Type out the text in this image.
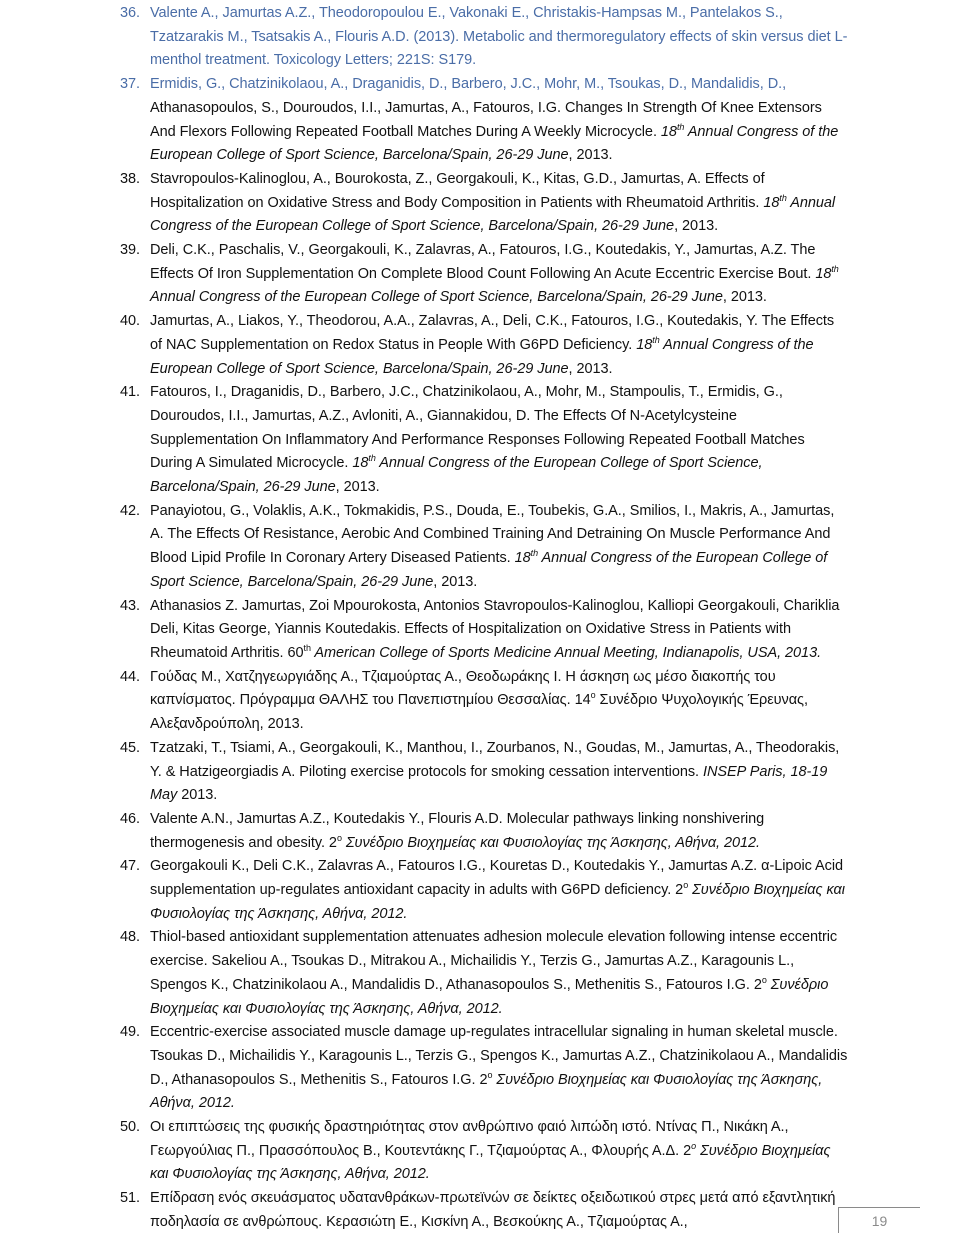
36. Valente A., Jamurtas A.Z., Theodoropoulou E., Vakonaki E., Christakis-Hampsas M., Pantelakos S., Tzatzarakis M., Tsatsakis A., Flouris A.D. (2013). Metabolic and thermoregulatory effects of skin versus diet L-menthol treatment. Toxicology Letters; 221S: S179.
37. Ermidis, G., Chatzinikolaou, A., Draganidis, D., Barbero, J.C., Mohr, M., Tsoukas, D., Mandalidis, D., Athanasopoulos, S., Douroudos, I.I., Jamurtas, A., Fatouros, I.G. Changes In Strength Of Knee Extensors And Flexors Following Repeated Football Matches During A Weekly Microcycle. 18th Annual Congress of the European College of Sport Science, Barcelona/Spain, 26-29 June, 2013.
38. Stavropoulos-Kalinoglou, A., Bourokosta, Z., Georgakouli, K., Kitas, G.D., Jamurtas, A. Effects of Hospitalization on Oxidative Stress and Body Composition in Patients with Rheumatoid Arthritis. 18th Annual Congress of the European College of Sport Science, Barcelona/Spain, 26-29 June, 2013.
39. Deli, C.K., Paschalis, V., Georgakouli, K., Zalavras, A., Fatouros, I.G., Koutedakis, Y., Jamurtas, A.Z. The Effects Of Iron Supplementation On Complete Blood Count Following An Acute Eccentric Exercise Bout. 18th Annual Congress of the European College of Sport Science, Barcelona/Spain, 26-29 June, 2013.
40. Jamurtas, A., Liakos, Y., Theodorou, A.A., Zalavras, A., Deli, C.K., Fatouros, I.G., Koutedakis, Y. The Effects of NAC Supplementation on Redox Status in People With G6PD Deficiency. 18th Annual Congress of the European College of Sport Science, Barcelona/Spain, 26-29 June, 2013.
41. Fatouros, I., Draganidis, D., Barbero, J.C., Chatzinikolaou, A., Mohr, M., Stampoulis, T., Ermidis, G., Douroudos, I.I., Jamurtas, A.Z., Avloniti, A., Giannakidou, D. The Effects Of N-Acetylcysteine Supplementation On Inflammatory And Performance Responses Following Repeated Football Matches During A Simulated Microcycle. 18th Annual Congress of the European College of Sport Science, Barcelona/Spain, 26-29 June, 2013.
42. Panayiotou, G., Volaklis, A.K., Tokmakidis, P.S., Douda, E., Toubekis, G.A., Smilios, I., Makris, A., Jamurtas, A. The Effects Of Resistance, Aerobic And Combined Training And Detraining On Muscle Performance And Blood Lipid Profile In Coronary Artery Diseased Patients. 18th Annual Congress of the European College of Sport Science, Barcelona/Spain, 26-29 June, 2013.
43. Athanasios Z. Jamurtas, Zoi Mpourokosta, Antonios Stavropoulos-Kalinoglou, Kalliopi Georgakouli, Chariklia Deli, Kitas George, Yiannis Koutedakis. Effects of Hospitalization on Oxidative Stress in Patients with Rheumatoid Arthritis. 60th American College of Sports Medicine Annual Meeting, Indianapolis, USA, 2013.
44. Γούδας Μ., Χατζηγεωργιάδης Α., Τζιαμούρτας Α., Θεοδωράκης Ι. Η άσκηση ως μέσο διακοπής του καπνίσματος. Πρόγραμμα ΘΑΛΗΣ του Πανεπιστημίου Θεσσαλίας. $14^o$ Συνέδριο Ψυχολογικής Έρευνας, Αλεξανδρούπολη, 2013.
45. Tzatzaki, T., Tsiami, A., Georgakouli, K., Manthou, I., Zourbanos, N., Goudas, M., Jamurtas, A., Theodorakis, Y. & Hatzigeorgiadis A. Piloting exercise protocols for smoking cessation interventions. INSEP Paris, 18-19 May 2013.
46. Valente A.N., Jamurtas A.Z., Koutedakis Y., Flouris A.D. Molecular pathways linking nonshivering thermogenesis and obesity. 2$^o$ Συνέδριο Βιοχημείας και Φυσιολογίας της Άσκησης, Αθήνα, 2012.
47. Georgakouli K., Deli C.K., Zalavras A., Fatouros I.G., Kouretas D., Koutedakis Y., Jamurtas A.Z. α-Lipoic Acid supplementation up-regulates antioxidant capacity in adults with G6PD deficiency. 2$^o$ Συνέδριο Βιοχημείας και Φυσιολογίας της Άσκησης, Αθήνα, 2012.
48. Thiol-based antioxidant supplementation attenuates adhesion molecule elevation following intense eccentric exercise. Sakeliou A., Tsoukas D., Mitrakou A., Michailidis Y., Terzis G., Jamurtas A.Z., Karagounis L., Spengos K., Chatzinikolaou A., Mandalidis D., Athanasopoulos S., Methenitis S., Fatouros I.G. 2$^o$ Συνέδριο Βιοχημείας και Φυσιολογίας της Άσκησης, Αθήνα, 2012.
49. Eccentric-exercise associated muscle damage up-regulates intracellular signaling in human skeletal muscle. Tsoukas D., Michailidis Y., Karagounis L., Terzis G., Spengos K., Jamurtas A.Z., Chatzinikolaou A., Mandalidis D., Athanasopoulos S., Methenitis S., Fatouros I.G. 2$^o$ Συνέδριο Βιοχημείας και Φυσιολογίας της Άσκησης, Αθήνα, 2012.
50. Οι επιπτώσεις της φυσικής δραστηριότητας στον ανθρώπινο φαιό λιπώδη ιστό. Ντίνας Π., Νικάκη Α., Γεωργούλιας Π., Πρασσόπουλος Β., Κουτεντάκης Γ., Τζιαμούρτας Α., Φλουρής Α.Δ. $2^o$ Συνέδριο Βιοχημείας και Φυσιολογίας της Άσκησης, Αθήνα, 2012.
51. Επίδραση ενός σκευάσματος υδατανθράκων-πρωτεϊνών σε δείκτες οξειδωτικού στρες μετά από εξαντλητική ποδηλασία σε ανθρώπους. Κερασιώτη Ε., Κισκίνη Α., Βεσκούκης Α., Τζιαμούρτας Α.,	19
